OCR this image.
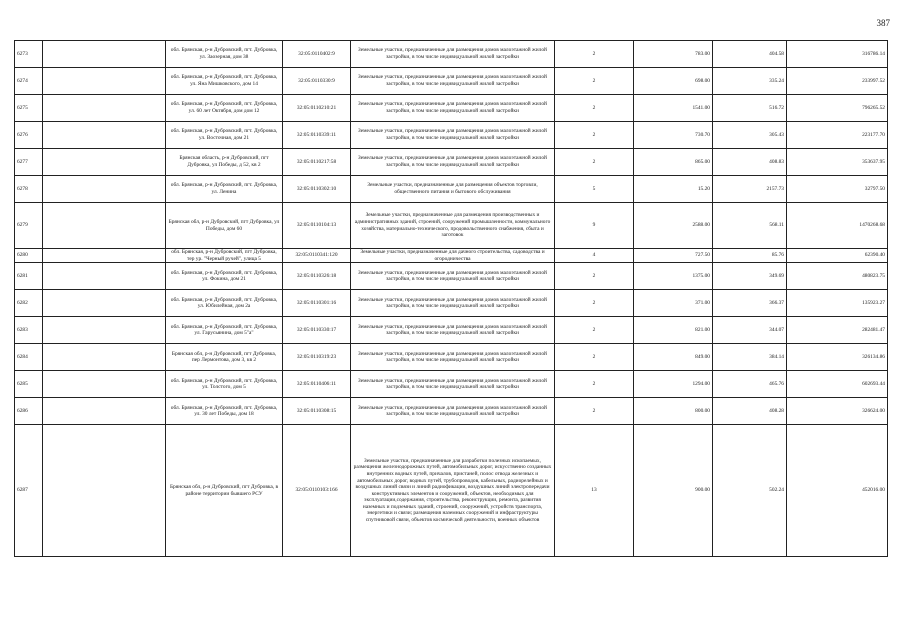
387
6273		обл. Брянская, р-н Дубровский, пгт. Дубровка, ул. Заозерная, дом 38	32:05:0110402:9	Земельные участки, предназначенные для размещения домов малоэтажной жилой застройки, в том числе индивидуальной жилой застройки	2	783.00	404.58	316786.14
6274		обл. Брянская, р-н Дубровский, пгт. Дубровка, ул. Яна Мишковского, дом 14	32:05:0110330:9	Земельные участки, предназначенные для размещения домов малоэтажной жилой застройки, в том числе индивидуальной жилой застройки	2	698.00	335.24	233997.52
6275		обл. Брянская, р-н Дубровский, пгт. Дубровка, ул. 60 лет Октября, дом дом 12	32:05:0110210:21	Земельные участки, предназначенные для размещения домов малоэтажной жилой застройки, в том числе индивидуальной жилой застройки	2	1541.00	516.72	796265.52
6276		обл. Брянская, р-н Дубровский, пгт. Дубровка, ул. Восточная, дом 21	32:05:0110339:11	Земельные участки, предназначенные для размещения домов малоэтажной жилой застройки, в том числе индивидуальной жилой застройки	2	730.70	305.43	223177.70
6277		Брянская область, р-н Дубровский, пгт Дубровка, ул Победы, д 52, кв 2	32:05:0110217:58	Земельные участки, предназначенные для размещения домов малоэтажной жилой застройки, в том числе индивидуальной жилой застройки	2	865.00	408.83	353637.95
6278		обл. Брянская, р-н Дубровский, пгт. Дубровка, ул. Ленина	32:05:0110302:10	Земельные участки, предназначенные для размещения объектов торговли, общественного питания и бытового обслуживания	5	15.20	2157.73	32797.50
6279		Брянская обл, р-н Дубровский, пгт Дубровка, ул Победы, дом 60	32:05:0110104:13	Земельные участки, предназначенные для размещения производственных и административных зданий, строений, сооружений промышленности, коммунального хозяйства, материально-технического, продовольственного снабжения, сбыта и заготовок	9	2588.00	568.11	1470268.68
6280		обл. Брянская, р-н Дубровский, пгт Дубровка, тер ур. "Черный ручей", улица 5	32:05:0110341:120	Земельные участки, предназначенные для дачного строительства, садоводства и огородничества	4	727.50	85.76	62390.40
6281		обл. Брянская, р-н Дубровский, пгт. Дубровка, ул. Фокина, дом 21	32:05:0110326:18	Земельные участки, предназначенные для размещения домов малоэтажной жилой застройки, в том числе индивидуальной жилой застройки	2	1375.00	349.69	480823.75
6282		обл. Брянская, р-н Дубровский, пгт. Дубровка, ул. Юбилейная, дом 2а	32:05:0110301:16	Земельные участки, предназначенные для размещения домов малоэтажной жилой застройки, в том числе индивидуальной жилой застройки	2	371.00	366.37	135923.27
6283		обл. Брянская, р-н Дубровский, пгт. Дубровка, ул. Гарусьянина, дом 5"а"	32:05:0110330:17	Земельные участки, предназначенные для размещения домов малоэтажной жилой застройки, в том числе индивидуальной жилой застройки	2	821.00	344.07	282481.47
6284		Брянская обл, р-н Дубровский, пгт Дубровка, пер Лермонтова, дом 3, кв 2	32:05:0110319:23	Земельные участки, предназначенные для размещения домов малоэтажной жилой застройки, в том числе индивидуальной жилой застройки	2	849.00	384.14	326134.86
6285		обл. Брянская, р-н Дубровский, пгт. Дубровка, ул. Толстого, дом 5	32:05:0110406:11	Земельные участки, предназначенные для размещения домов малоэтажной жилой застройки, в том числе индивидуальной жилой застройки	2	1294.00	465.76	602693.44
6286		обл. Брянская, р-н Дубровский, пгт. Дубровка, ул. 30 лет Победы, дом 18	32:05:0110308:15	Земельные участки, предназначенные для размещения домов малоэтажной жилой застройки, в том числе индивидуальной жилой застройки	2	800.00	408.28	326624.00
6287		Брянская обл, р-н Дубровский, пгт Дубровка, в районе территории бывшего РСУ	32:05:0110103:166	Земельные участки, предназначенные для разработки полезных ископаемых, размещения железнодорожных путей, автомобильных дорог, искусственно созданных внутренних водных путей, причалов, пристаней, полос отвода железных и автомобильных дорог, водных путей, трубопроводов, кабельных, радиорелейных и воздушных линий связи и линий радиофикации, воздушных линий электропередачи конструктивных элементов и сооружений, объектов, необходимых для эксплуатации,содержания, строительства, реконструкции, ремонта, развития наземных и подземных зданий, строений, сооружений, устройств транспорта, энергетики и связи; размещения наземных сооружений и инфраструктуры спутниковой связи, объектов космической деятельности, военных объектов	13	900.00	502.24	452016.00
